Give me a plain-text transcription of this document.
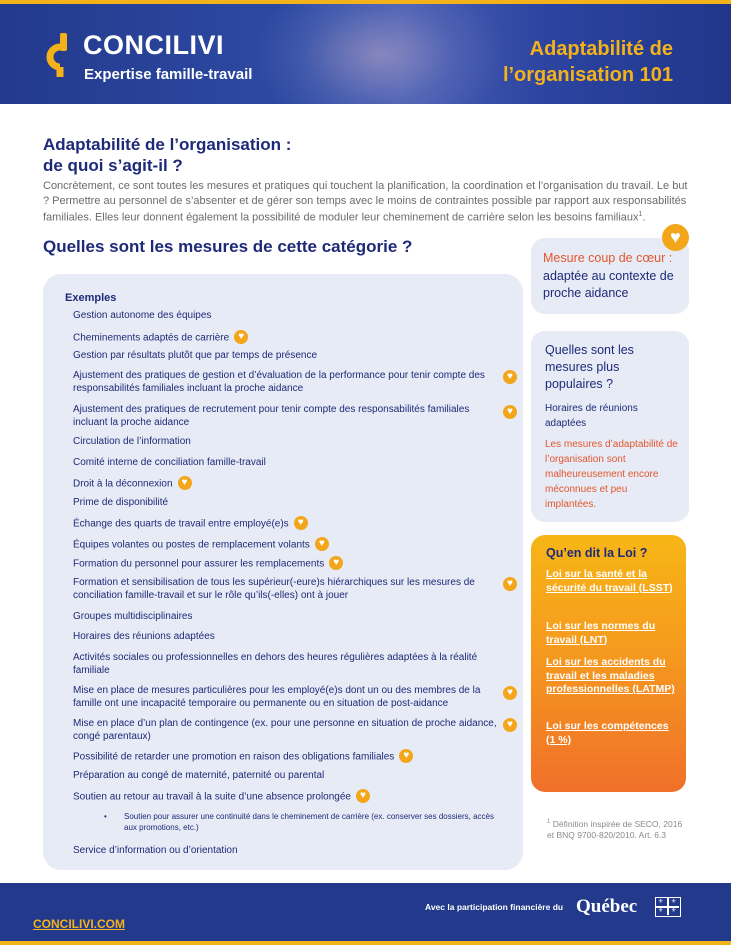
CONCILIVI
Expertise famille-travail
Adaptabilité de
l’organisation 101
Adaptabilité de l’organisation :
de quoi s’agit-il ?
Concrètement, ce sont toutes les mesures et pratiques qui touchent la planification, la coordination et l’organisation du travail. Le but ? Permettre au personnel de s’absenter et de gérer son temps avec le moins de contraintes possible par rapport aux responsabilités familiales. Elles leur donnent également la possibilité de moduler leur cheminement de carrière selon les besoins familiaux$^1$.
Quelles sont les mesures de cette catégorie ?
Exemples
Gestion autonome des équipes
Cheminements adaptés de carrière♥
Gestion par résultats plutôt que par temps de présence
Ajustement des pratiques de gestion et d’évaluation de la performance pour tenir compte des responsabilités familiales incluant la proche aidance
♥
Ajustement des pratiques de recrutement pour tenir compte des responsabilités familiales incluant la proche aidance
♥
Circulation de l’information
Comité interne de conciliation famille-travail
Droit à la déconnexion♥
Prime de disponibilité
Échange des quarts de travail entre employé(e)s♥
Équipes volantes ou postes de remplacement volants♥
Formation du personnel pour assurer les remplacements♥
Formation et sensibilisation de tous les supérieur(-eure)s hiérarchiques sur les mesures de conciliation famille-travail et sur le rôle qu’ils(-elles) ont à jouer
♥
Groupes multidisciplinaires
Horaires des réunions adaptées
Activités sociales ou professionnelles en dehors des heures régulières adaptées à la réalité familiale
Mise en place de mesures particulières pour les employé(e)s dont un ou des membres de la famille ont une incapacité temporaire ou permanente ou en situation de post-aidance
♥
Mise en place d’un plan de contingence (ex. pour une personne en situation de proche aidance, congé parentaux)
♥
Possibilité de retarder une promotion en raison des obligations familiales♥
Préparation au congé de maternité, paternité ou parental
Soutien au retour au travail à la suite d’une absence prolongée♥
• Soutien pour assurer une continuité dans le cheminement de carrière (ex. conserver ses dossiers, accès aux promotions, etc.)
Service d’information ou d’orientation
♥
Mesure coup de cœur :
adaptée au contexte de proche aidance
Quelles sont les mesures plus populaires ?
Horaires de réunions adaptées
Les mesures d’adaptabilité de l’organisation sont malheureusement encore méconnues et peu implantées.
Qu’en dit la Loi ?
Loi sur la santé et la sécurité du travail (LSST)
Loi sur les normes du travail (LNT)
Loi sur les accidents du travail et les maladies professionnelles (LATMP)
Loi sur les compétences (1 %)
$^1$ Définition inspirée de SECO, 2016 et BNQ 9700-820/2010. Art. 6.3
CONCILIVI.COM
Avec la participation financière du Québec	⚜ ⚜
⚜ ⚜
